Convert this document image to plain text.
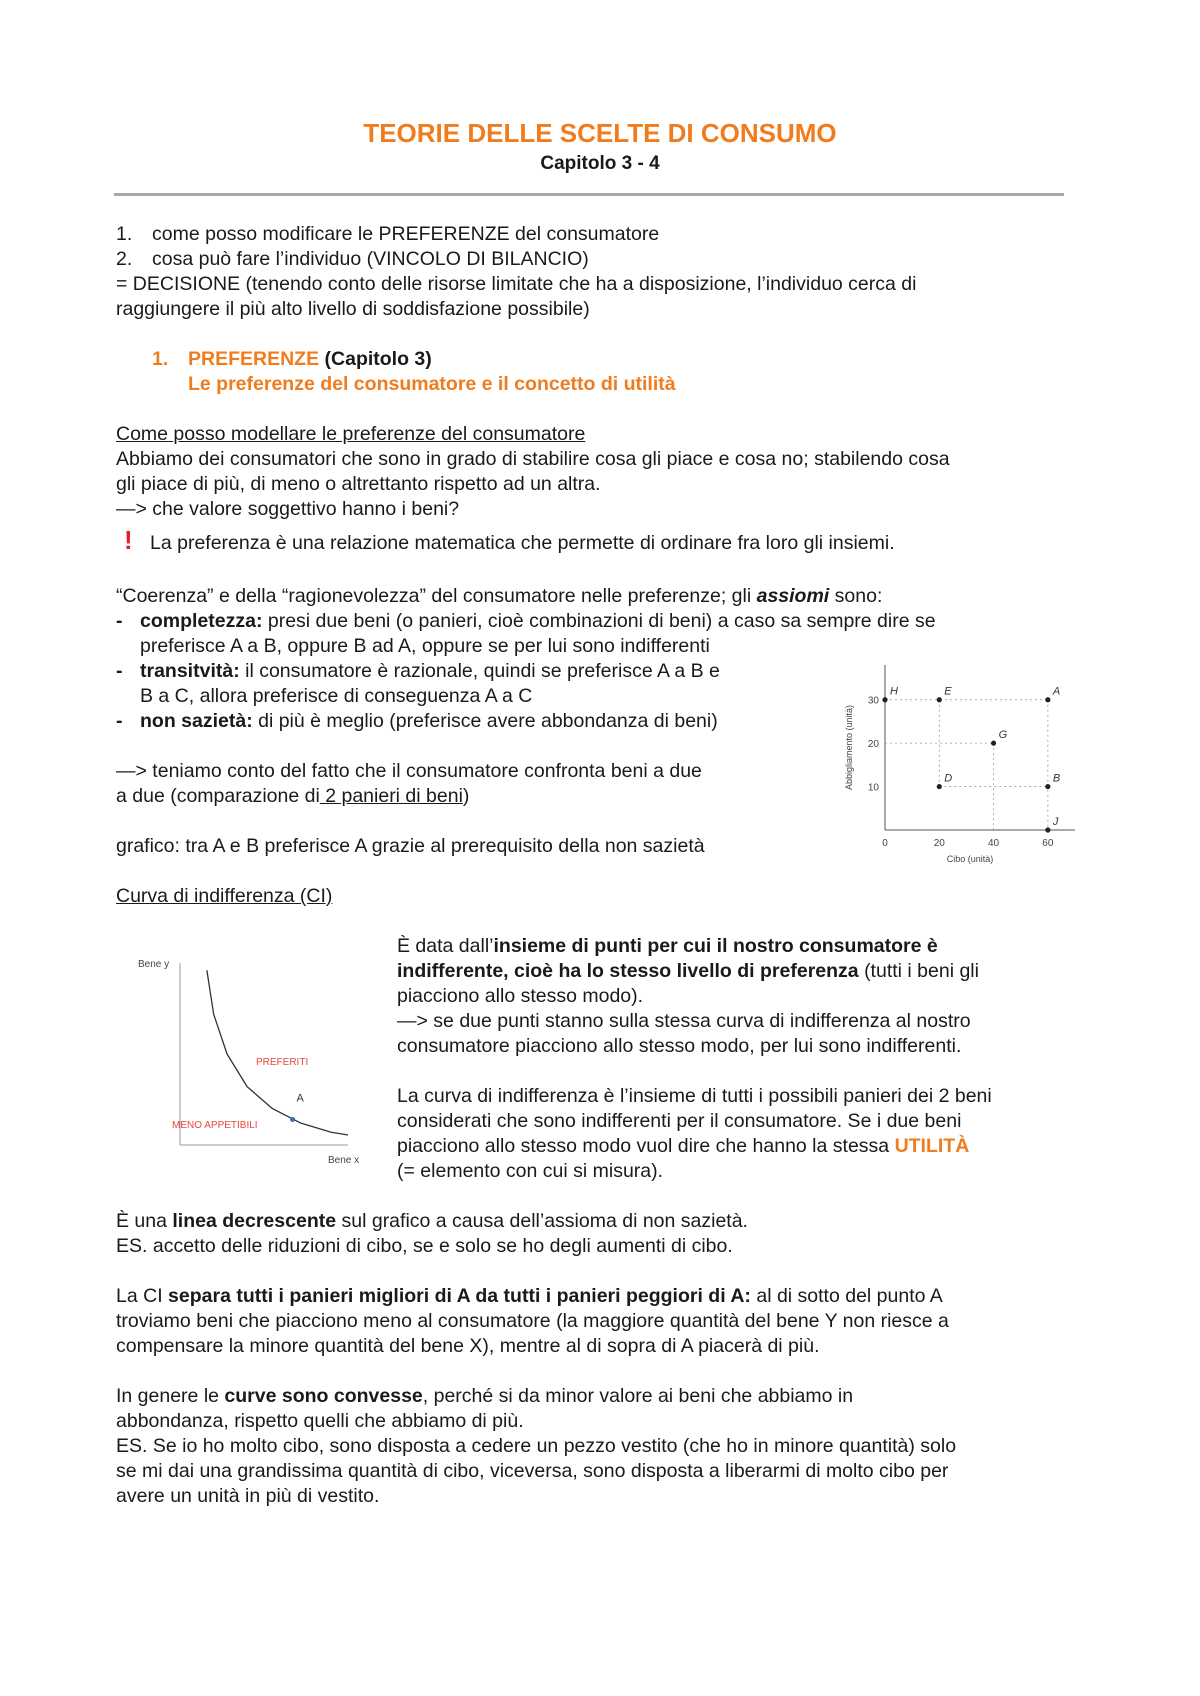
TEORIE DELLE SCELTE DI CONSUMO
Capitolo 3 - 4
1. come posso modificare le PREFERENZE del consumatore
2. cosa può fare l’individuo (VINCOLO DI BILANCIO)
= DECISIONE (tenendo conto delle risorse limitate che ha a disposizione, l’individuo cerca di
raggiungere il più alto livello di soddisfazione possibile)
1. PREFERENZE (Capitolo 3)
Le preferenze del consumatore e il concetto di utilità
Come posso modellare le preferenze del consumatore
Abbiamo dei consumatori che sono in grado di stabilire cosa gli piace e cosa no; stabilendo cosa
gli piace di più, di meno o altrettanto rispetto ad un altra.
—> che valore soggettivo hanno i beni?
! La preferenza è una relazione matematica che permette di ordinare fra loro gli insiemi.
“Coerenza” e della “ragionevolezza” del consumatore nelle preferenze; gli assiomi sono:
- completezza: presi due beni (o panieri, cioè combinazioni di beni) a caso sa sempre dire se
preferisce A a B, oppure B ad A, oppure se per lui sono indifferenti
- transitvità: il consumatore è razionale, quindi se preferisce A a B e
B a C, allora preferisce di conseguenza A a C
- non sazietà: di più è meglio (preferisce avere abbondanza di beni)
—> teniamo conto del fatto che il consumatore confronta beni a due
a due (comparazione di 2 panieri di beni)
grafico: tra A e B preferisce A grazie al prerequisito della non sazietà	0	20	40	60
10
20
30
Cibo (unità)
Abbigliamento (unità)
H	E	A
G
D	B
J
Curva di indifferenza (CI)
Bene y
Bene x
PREFERITI
MENO APPETIBILI
A
È data dall’insieme di punti per cui il nostro consumatore è
indifferente, cioè ha lo stesso livello di preferenza (tutti i beni gli
piacciono allo stesso modo).
—> se due punti stanno sulla stessa curva di indifferenza al nostro
consumatore piacciono allo stesso modo, per lui sono indifferenti.
La curva di indifferenza è l’insieme di tutti i possibili panieri dei 2 beni
considerati che sono indifferenti per il consumatore. Se i due beni
piacciono allo stesso modo vuol dire che hanno la stessa UTILITÀ
(= elemento con cui si misura).
È una linea decrescente sul grafico a causa dell’assioma di non sazietà.
ES. accetto delle riduzioni di cibo, se e solo se ho degli aumenti di cibo.
La CI separa tutti i panieri migliori di A da tutti i panieri peggiori di A: al di sotto del punto A
troviamo beni che piacciono meno al consumatore (la maggiore quantità del bene Y non riesce a
compensare la minore quantità del bene X), mentre al di sopra di A piacerà di più.
In genere le curve sono convesse, perché si da minor valore ai beni che abbiamo in
abbondanza, rispetto quelli che abbiamo di più.
ES. Se io ho molto cibo, sono disposta a cedere un pezzo vestito (che ho in minore quantità) solo
se mi dai una grandissima quantità di cibo, viceversa, sono disposta a liberarmi di molto cibo per
avere un unità in più di vestito.
